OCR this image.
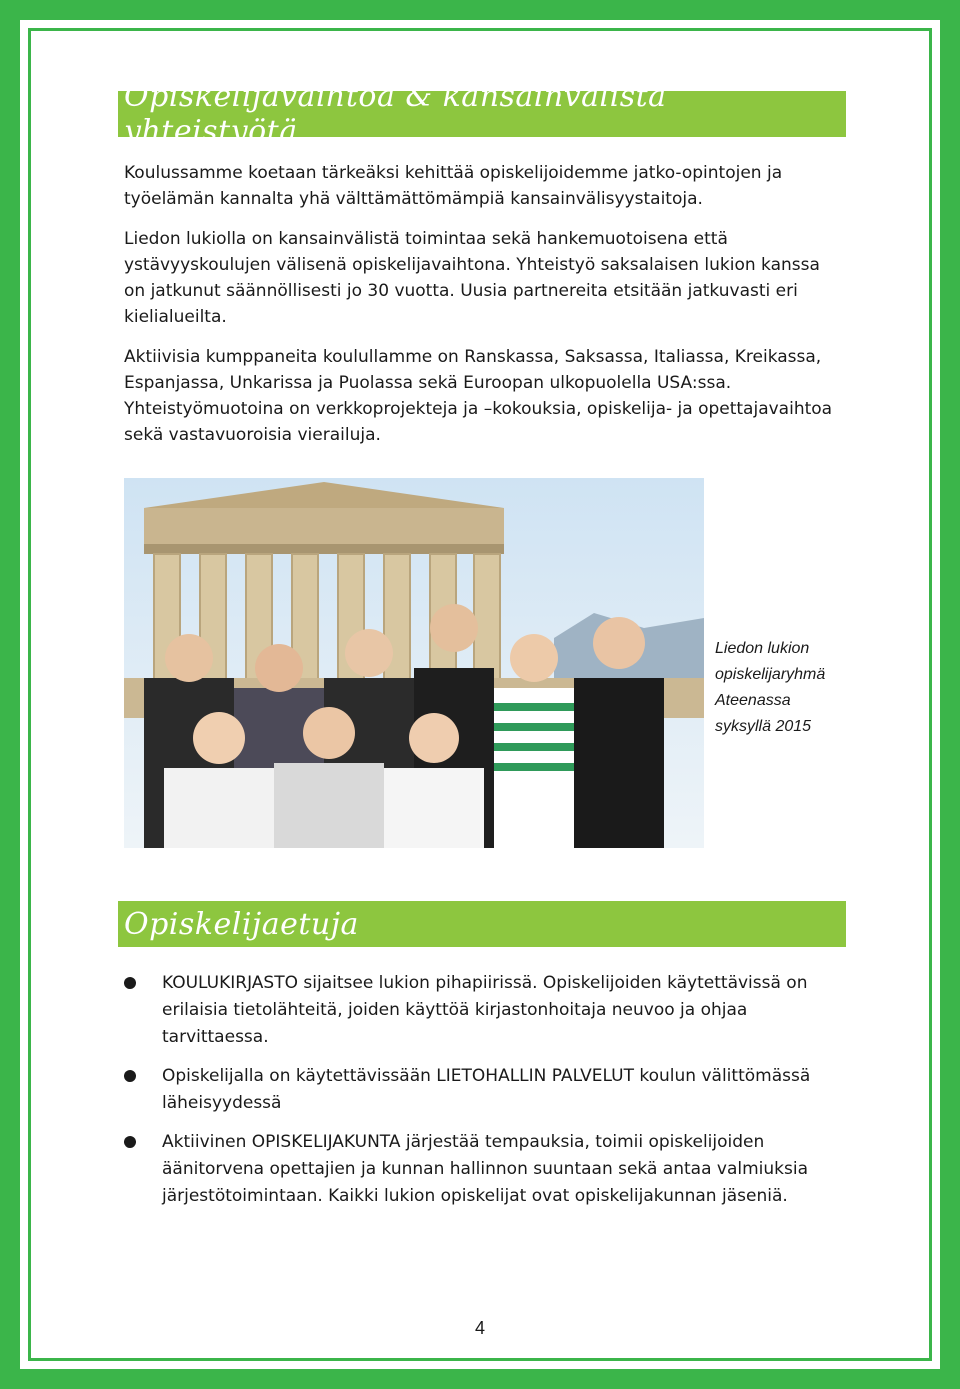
Opiskelijavaihtoa & kansainvälistä yhteistyötä

Koulussamme koetaan tärkeäksi kehittää opiskelijoidemme jatko-opintojen ja työelämän kannalta yhä välttämättömämpiä kansainvälisyystaitoja.

Liedon lukiolla on kansainvälistä toimintaa sekä hankemuotoisena että ystävyyskoulujen välisenä opiskelijavaihtona. Yhteistyö saksalaisen lukion kanssa on jatkunut säännöllisesti jo 30 vuotta. Uusia partnereita etsitään jatkuvasti eri kielialueilta.

Aktiivisia kumppaneita koulullamme on Ranskassa, Saksassa, Italiassa, Kreikassa, Espanjassa, Unkarissa ja Puolassa sekä Euroopan ulkopuolella USA:ssa. Yhteistyömuotoina on verkkoprojekteja ja –kokouksia, opiskelija- ja opettajavaihtoa sekä vastavuoroisia vierailuja.

Liedon lukion
opiskelijaryhmä
Ateenassa
syksyllä 2015
Opiskelijaetuja
KOULUKIRJASTO sijaitsee lukion pihapiirissä. Opiskelijoiden käytettävissä on erilaisia tietolähteitä, joiden käyttöä kirjastonhoitaja neuvoo ja ohjaa tarvittaessa.
Opiskelijalla on käytettävissään LIETOHALLIN PALVELUT koulun välittömässä läheisyydessä
Aktiivinen OPISKELIJAKUNTA järjestää tempauksia, toimii opiskelijoiden äänitorvena opettajien ja kunnan hallinnon suuntaan sekä antaa valmiuksia järjestötoimintaan. Kaikki lukion opiskelijat ovat opiskelijakunnan jäseniä.
4
